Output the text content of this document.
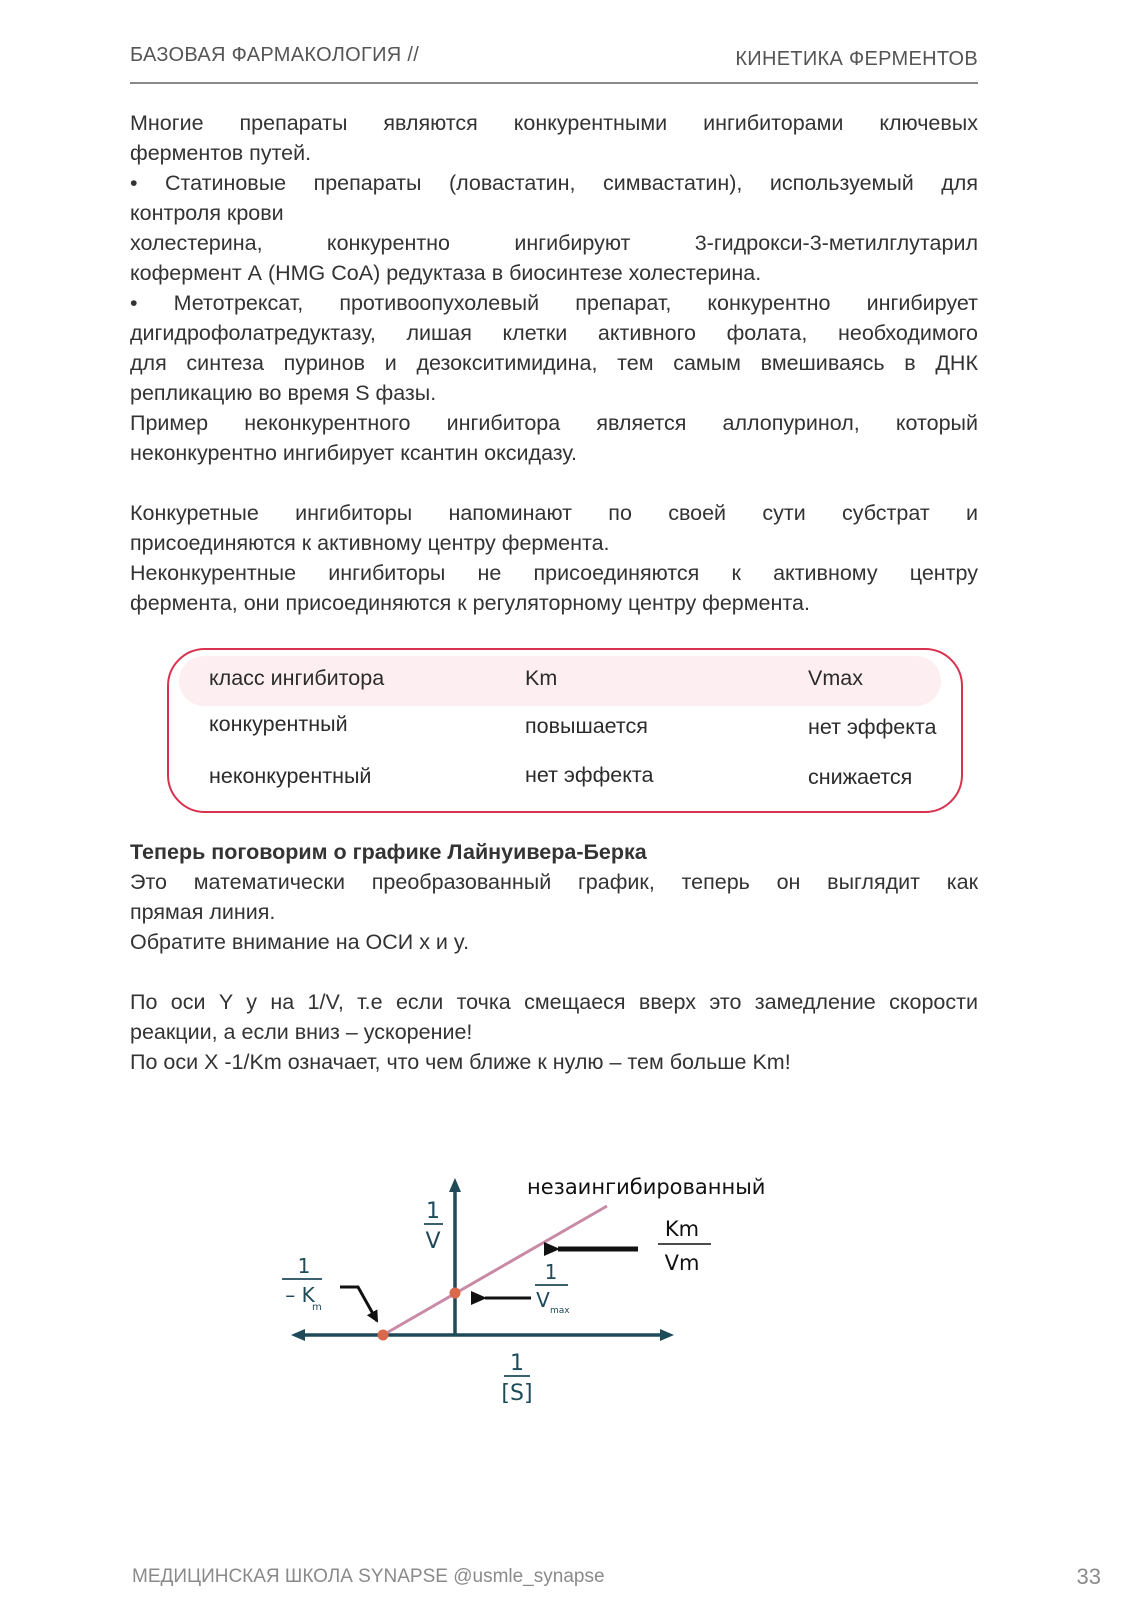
БАЗОВАЯ ФАРМАКОЛОГИЯ //	КИНЕТИКА ФЕРМЕНТОВ

Многие препараты являются конкурентными ингибиторами ключевых

ферментов путей.

• Статиновые препараты (ловастатин, симвастатин), используемый для

контроля крови

холестерина, конкурентно ингибируют 3-гидрокси-3-метилглутарил

кофермент А (HMG CoA) редуктаза в биосинтезе холестерина.

• Метотрексат, противоопухолевый препарат, конкурентно ингибирует

дигидрофолатредуктазу, лишая клетки активного фолата, необходимого

для синтеза пуринов и дезокситимидина, тем самым вмешиваясь в ДНК

репликацию во время S фазы.

Пример неконкурентного ингибитора является аллопуринол, который

неконкурентно ингибирует ксантин оксидазу.

Конкуретные ингибиторы напоминают по своей сути субстрат и

присоединяются к активному центру фермента.

Неконкурентные ингибиторы не присоединяются к активному центру

фермента, они присоединяются к регуляторному центру фермента.

класс ингибитора	Km	Vmax
конкурентный	повышается	нет эффекта
неконкурентный	нет эффекта	снижается

Теперь поговорим о графике Лайнуивера-Берка

Это математически преобразованный график, теперь он выглядит как

прямая линия.

Обратите внимание на ОСИ x и y.

По оси Y у на 1/V, т.е если точка смещаеся вверх это замедление скорости

реакции, а если вниз – ускорение!

По оси X -1/Km означает, что чем ближе к нулю – тем больше Km!

незаингибированный
Km
Vm
1
V
1
[S]
1
– K
m
1
V max
МЕДИЦИНСКАЯ ШКОЛА SYNAPSE @usmle_synapse	33
